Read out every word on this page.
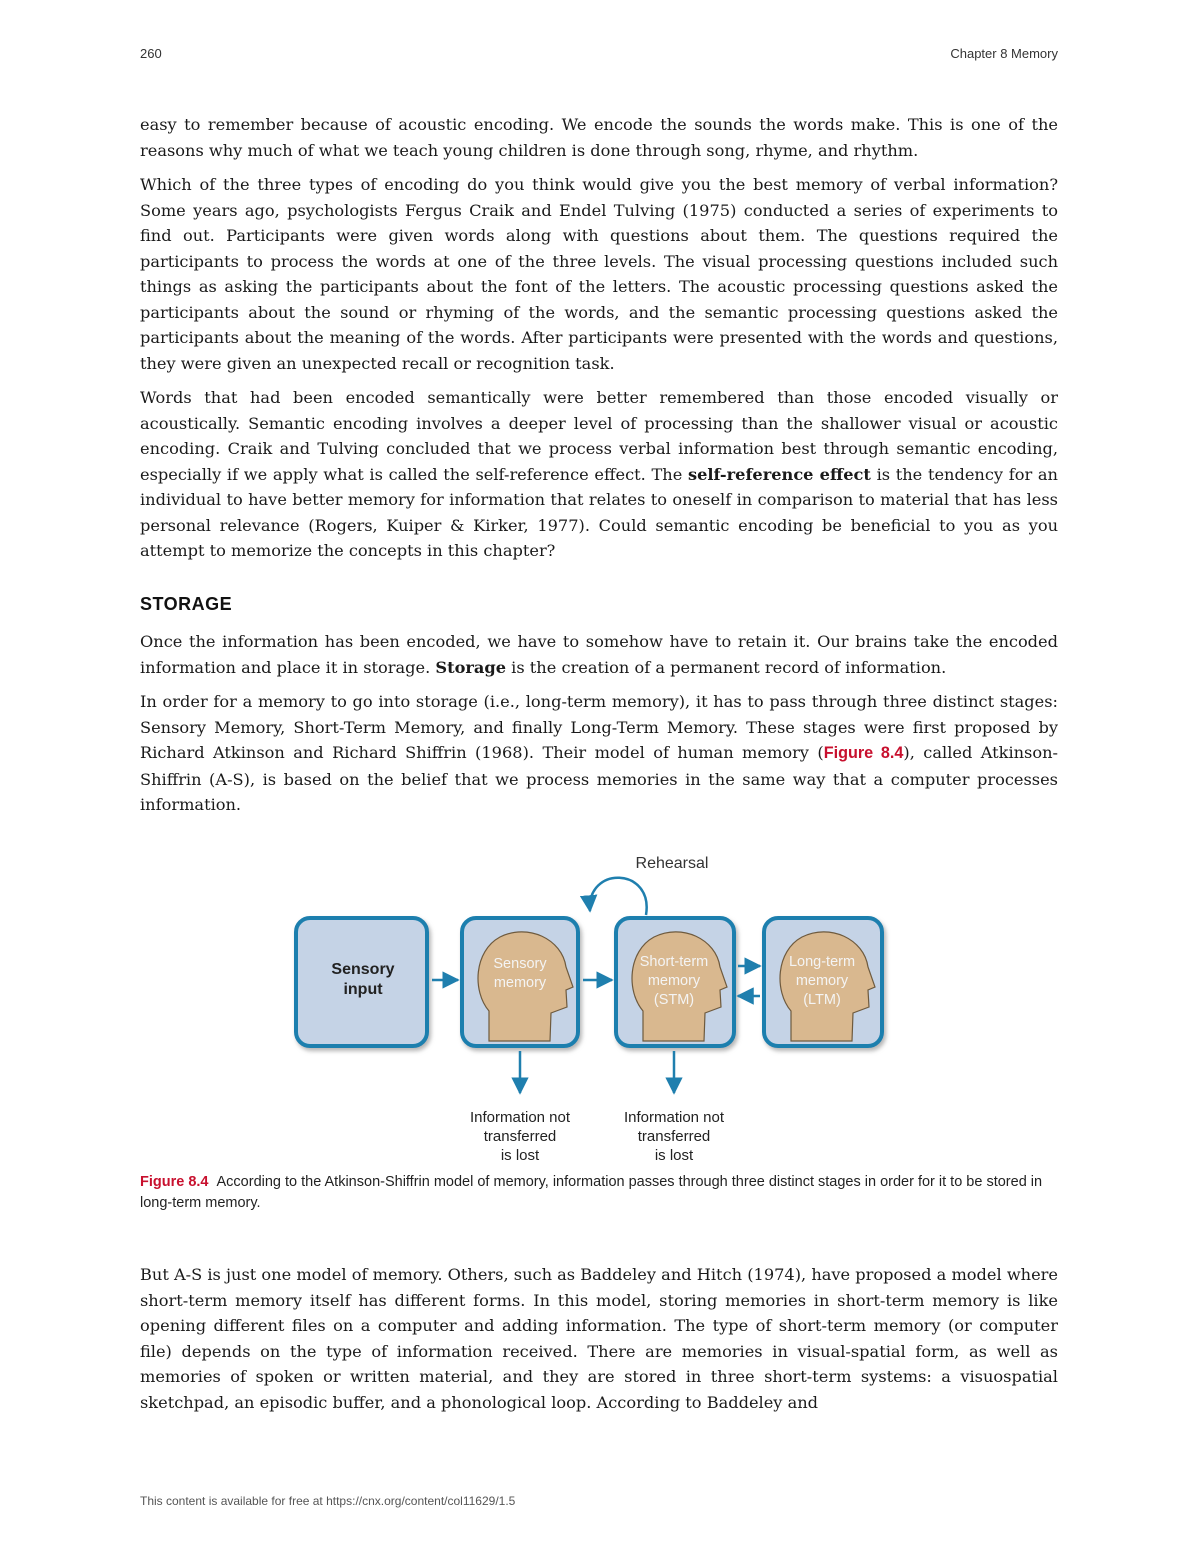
260	Chapter 8 Memory

easy to remember because of acoustic encoding. We encode the sounds the words make. This is one of the reasons why much of what we teach young children is done through song, rhyme, and rhythm.

Which of the three types of encoding do you think would give you the best memory of verbal information? Some years ago, psychologists Fergus Craik and Endel Tulving (1975) conducted a series of experiments to find out. Participants were given words along with questions about them. The questions required the participants to process the words at one of the three levels. The visual processing questions included such things as asking the participants about the font of the letters. The acoustic processing questions asked the participants about the sound or rhyming of the words, and the semantic processing questions asked the participants about the meaning of the words. After participants were presented with the words and questions, they were given an unexpected recall or recognition task.

Words that had been encoded semantically were better remembered than those encoded visually or acoustically. Semantic encoding involves a deeper level of processing than the shallower visual or acoustic encoding. Craik and Tulving concluded that we process verbal information best through semantic encoding, especially if we apply what is called the self-reference effect. The self-reference effect is the tendency for an individual to have better memory for information that relates to oneself in comparison to material that has less personal relevance (Rogers, Kuiper & Kirker, 1977). Could semantic encoding be beneficial to you as you attempt to memorize the concepts in this chapter?

STORAGE

Once the information has been encoded, we have to somehow have to retain it. Our brains take the encoded information and place it in storage. Storage is the creation of a permanent record of information.

In order for a memory to go into storage (i.e., long-term memory), it has to pass through three distinct stages: Sensory Memory, Short-Term Memory, and finally Long-Term Memory. These stages were first proposed by Richard Atkinson and Richard Shiffrin (1968). Their model of human memory (Figure 8.4), called Atkinson-Shiffrin (A-S), is based on the belief that we process memories in the same way that a computer processes information.

Rehearsal
Sensory
input
Sensory
memory
Short-term
memory
(STM)
Long-term
memory
(LTM)
Information not
transferred
is lost
Information not
transferred
is lost
Figure 8.4 According to the Atkinson-Shiffrin model of memory, information passes through three distinct stages in order for it to be stored in long-term memory.

But A-S is just one model of memory. Others, such as Baddeley and Hitch (1974), have proposed a model where short-term memory itself has different forms. In this model, storing memories in short-term memory is like opening different files on a computer and adding information. The type of short-term memory (or computer file) depends on the type of information received. There are memories in visual-spatial form, as well as memories of spoken or written material, and they are stored in three short-term systems: a visuospatial sketchpad, an episodic buffer, and a phonological loop. According to Baddeley and

This content is available for free at https://cnx.org/content/col11629/1.5
